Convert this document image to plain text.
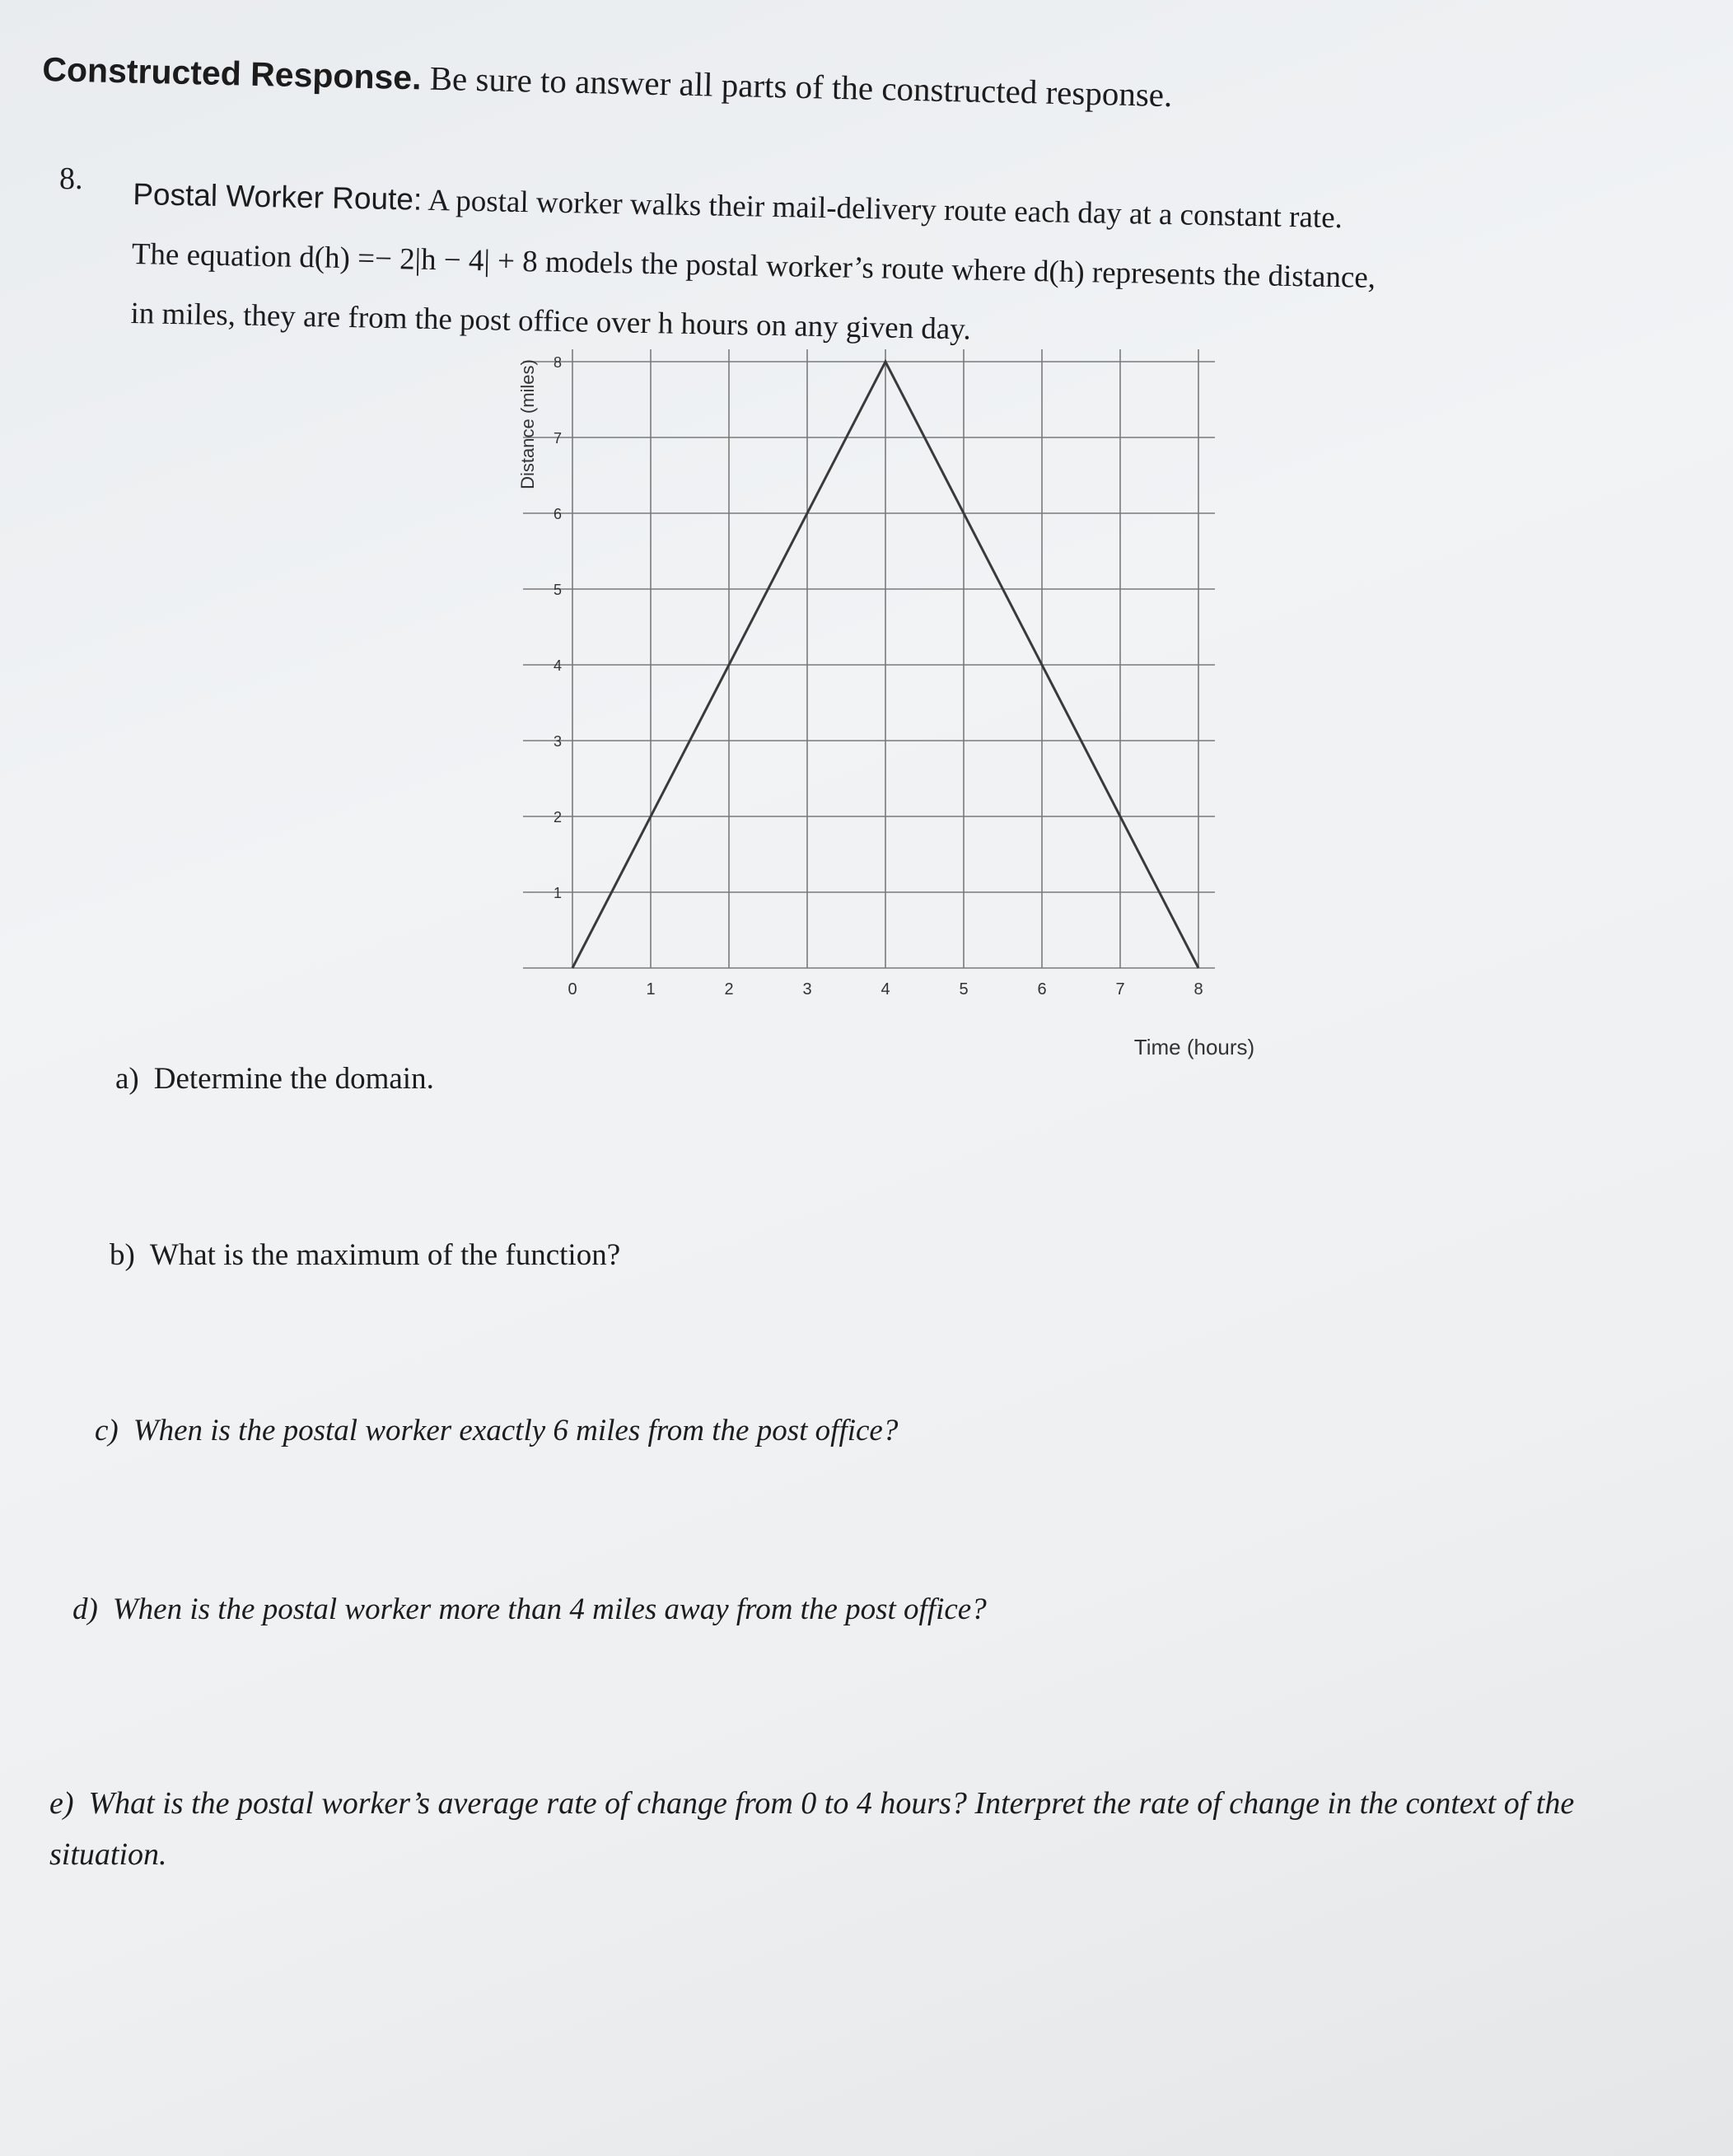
Constructed Response. Be sure to answer all parts of the constructed response.
8. Postal Worker Route: A postal worker walks their mail-delivery route each day at a constant rate.
The equation d(h) =− 2|h − 4| + 8 models the postal worker’s route where d(h) represents the distance,
in miles, they are from the post office over h hours on any given day.
0	1	2	3	4	5	6	7	8
1
2
3
4
5
6
7
8
Distance (miles)
Time (hours)
a) Determine the domain.
b) What is the maximum of the function?
c) When is the postal worker exactly 6 miles from the post office?
d) When is the postal worker more than 4 miles away from the post office?
e) What is the postal worker’s average rate of change from 0 to 4 hours? Interpret the rate of change in the context of the situation.
